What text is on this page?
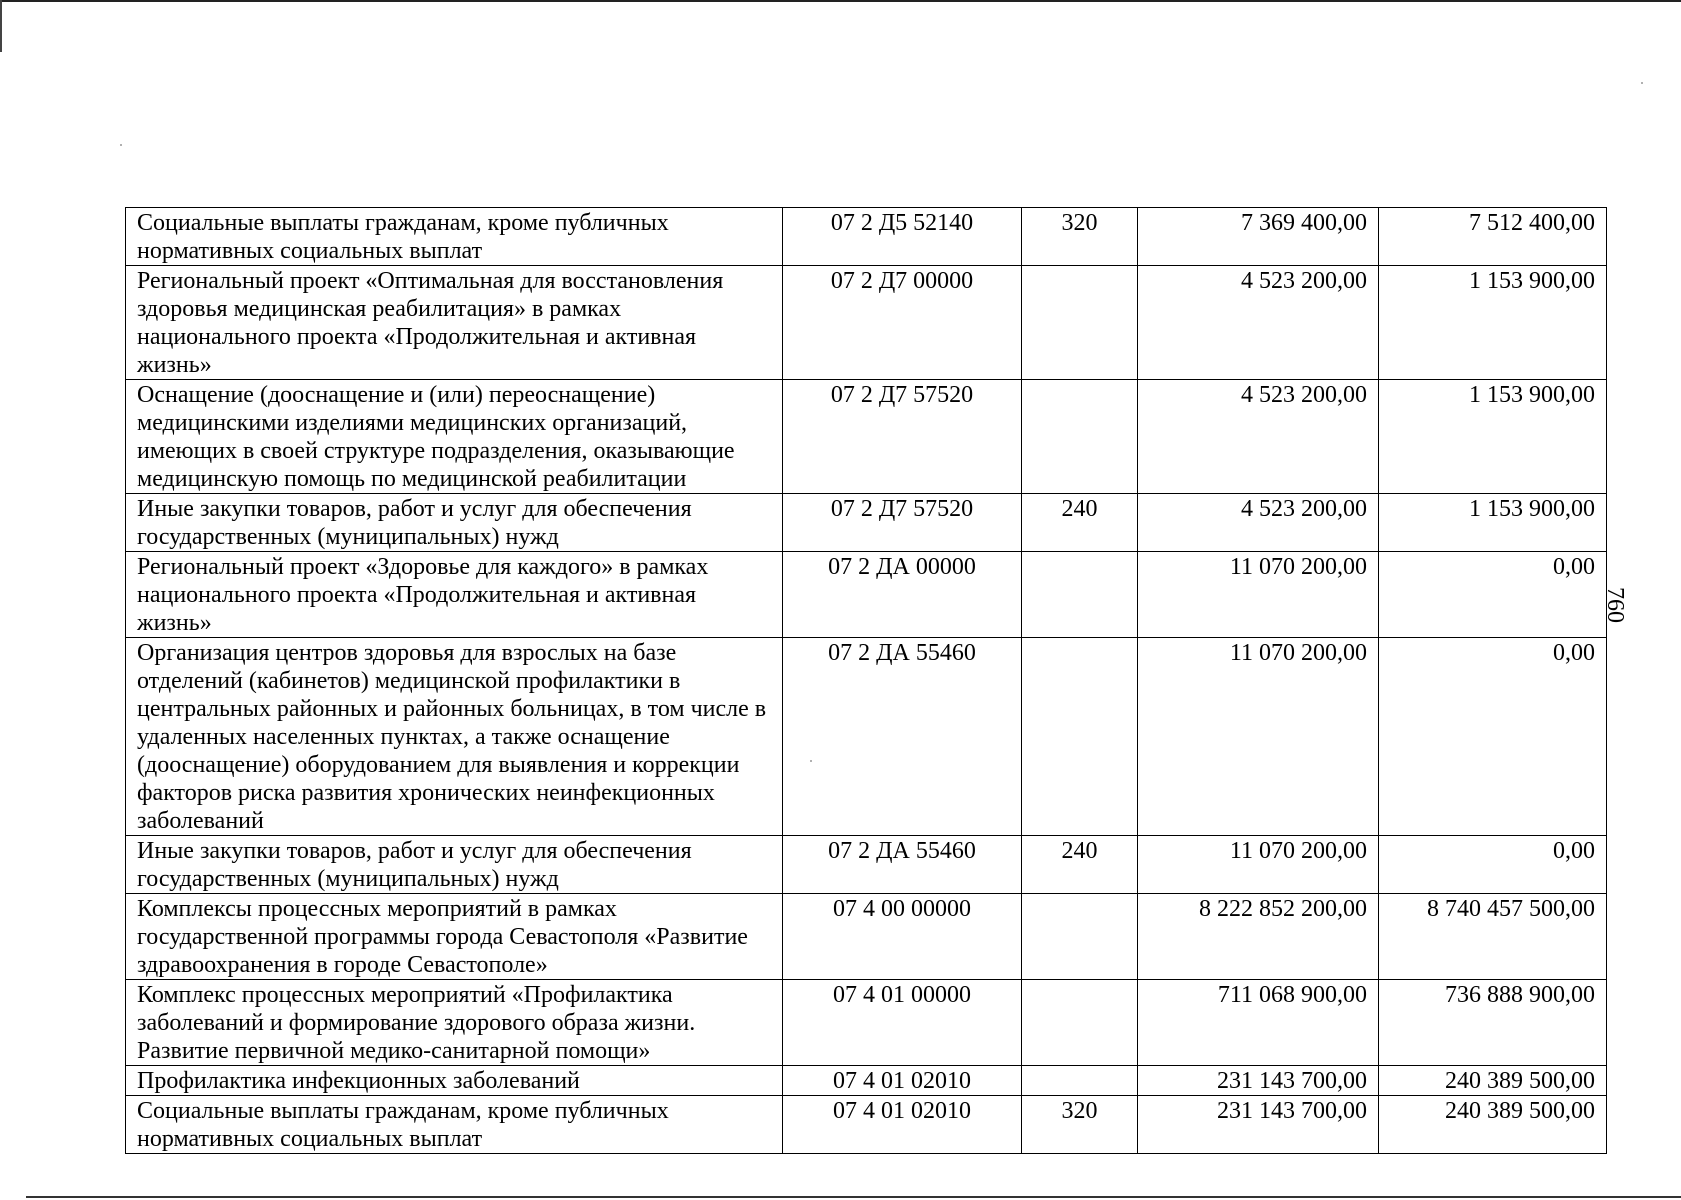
760
Социальные выплаты гражданам, кроме публичных нормативных социальных выплат	07 2 Д5 52140	320	7 369 400,00	7 512 400,00
Региональный проект «Оптимальная для восстановления здоровья медицинская реабилитация» в рамках национального проекта «Продолжительная и активная жизнь»	07 2 Д7 00000		4 523 200,00	1 153 900,00
Оснащение (дооснащение и (или) переоснащение) медицинскими изделиями медицинских организаций, имеющих в своей структуре подразделения, оказывающие медицинскую помощь по медицинской реабилитации	07 2 Д7 57520		4 523 200,00	1 153 900,00
Иные закупки товаров, работ и услуг для обеспечения государственных (муниципальных) нужд	07 2 Д7 57520	240	4 523 200,00	1 153 900,00
Региональный проект «Здоровье для каждого» в рамках национального проекта «Продолжительная и активная жизнь»	07 2 ДА 00000		11 070 200,00	0,00
Организация центров здоровья для взрослых на базе отделений (кабинетов) медицинской профилактики в центральных районных и районных больницах, в том числе в удаленных населенных пунктах, а также оснащение (дооснащение) оборудованием для выявления и коррекции факторов риска развития хронических неинфекционных заболеваний	07 2 ДА 55460		11 070 200,00	0,00
Иные закупки товаров, работ и услуг для обеспечения государственных (муниципальных) нужд	07 2 ДА 55460	240	11 070 200,00	0,00
Комплексы процессных мероприятий в рамках государственной программы города Севастополя «Развитие здравоохранения в городе Севастополе»	07 4 00 00000		8 222 852 200,00	8 740 457 500,00
Комплекс процессных мероприятий «Профилактика заболеваний и формирование здорового образа жизни. Развитие первичной медико-санитарной помощи»	07 4 01 00000		711 068 900,00	736 888 900,00
Профилактика инфекционных заболеваний	07 4 01 02010		231 143 700,00	240 389 500,00
Социальные выплаты гражданам, кроме публичных нормативных социальных выплат	07 4 01 02010	320	231 143 700,00	240 389 500,00
